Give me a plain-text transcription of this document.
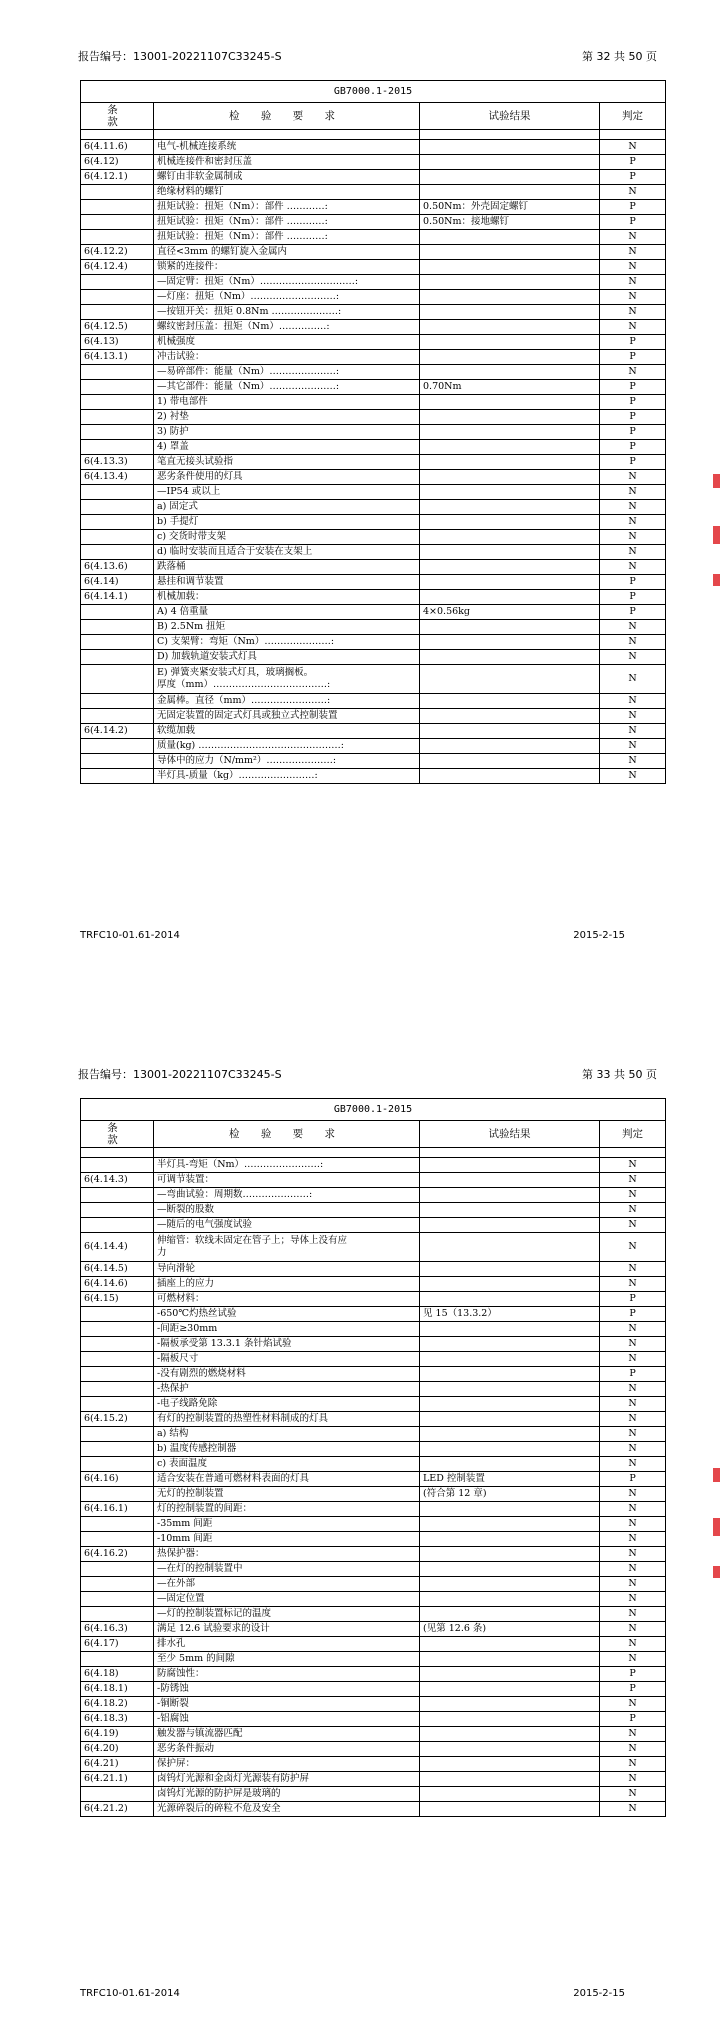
报告编号：13001-20221107C33245-S	第 32 共 50 页
GB7000.1-2015			
条　　款	检 验 要 求	试验结果	判定

6(4.11.6)	电气-机械连接系统		N
6(4.12)	机械连接件和密封压盖		P
6(4.12.1)	螺钉由非软金属制成		P
	绝缘材料的螺钉		N
	扭矩试验：扭矩（Nm）：部件 …………:	0.50Nm：外壳固定螺钉	P
	扭矩试验：扭矩（Nm）：部件 …………:	0.50Nm：接地螺钉	P
	扭矩试验：扭矩（Nm）：部件 …………:		N
6(4.12.2)	直径<3mm 的螺钉旋入金属内		N
6(4.12.4)	锁紧的连接件：		N
	—固定臂：扭矩（Nm）…………………………:		N
	—灯座：扭矩（Nm）………………………:		N
	—按钮开关：扭矩 0.8Nm …………………:		N
6(4.12.5)	螺纹密封压盖：扭矩（Nm）……………:		N
6(4.13)	机械强度		P
6(4.13.1)	冲击试验：		P
	—易碎部件：能量（Nm）…………………:		N
	—其它部件：能量（Nm）…………………:	0.70Nm	P
	1) 带电部件		P
	2) 衬垫		P
	3) 防护		P
	4) 罩盖		P
6(4.13.3)	笔直无接头试验指		P
6(4.13.4)	恶劣条件使用的灯具		N
	—IP54 或以上		N
	a) 固定式		N
	b) 手提灯		N
	c) 交货时带支架		N
	d) 临时安装而且适合于安装在支架上		N
6(4.13.6)	跌落桶		N
6(4.14)	悬挂和调节装置		P
6(4.14.1)	机械加载：		P
	A) 4 倍重量	4×0.56kg	P
	B) 2.5Nm 扭矩		N
	C) 支架臂：弯矩（Nm）…………………:		N
	D) 加载轨道安装式灯具		N
	E) 弹簧夹紧安装式灯具，玻璃搁板。
厚度（mm）………………………………:		N
	金属棒。直径（mm）……………………:		N
	无固定装置的固定式灯具或独立式控制装置		N
6(4.14.2)	软缆加载		N
	质量(kg) ………………………………………:		N
	导体中的应力（N/mm²）…………………:		N
	半灯具-质量（kg）……………………:		N
TRFC10-01.61-2014	2015-2-15
报告编号：13001-20221107C33245-S	第 33 共 50 页
GB7000.1-2015			
条　　款	检 验 要 求	试验结果	判定

	半灯具-弯矩（Nm）……………………:		N
6(4.14.3)	可调节装置：		N
	—弯曲试验：周期数…………………:		N
	—断裂的股数		N
	—随后的电气强度试验		N
6(4.14.4)	伸缩管：软线未固定在管子上；导体上没有应
力		N
6(4.14.5)	导向滑轮		N
6(4.14.6)	插座上的应力		N
6(4.15)	可燃材料：		P
	-650℃灼热丝试验	见 15（13.3.2）	P
	-间距≥30mm		N
	-隔板承受第 13.3.1 条针焰试验		N
	-隔板尺寸		N
	-没有剧烈的燃烧材料		P
	-热保护		N
	-电子线路免除		N
6(4.15.2)	有灯的控制装置的热塑性材料制成的灯具		N
	a) 结构		N
	b) 温度传感控制器		N
	c) 表面温度		N
6(4.16)	适合安装在普通可燃材料表面的灯具	LED 控制装置	P
	无灯的控制装置	(符合第 12 章)	N
6(4.16.1)	灯的控制装置的间距：		N
	-35mm 间距		N
	-10mm 间距		N
6(4.16.2)	热保护器：		N
	—在灯的控制装置中		N
	—在外部		N
	—固定位置		N
	—灯的控制装置标记的温度		N
6(4.16.3)	满足 12.6 试验要求的设计	(见第 12.6 条)	N
6(4.17)	排水孔		N
	至少 5mm 的间隙		N
6(4.18)	防腐蚀性：		P
6(4.18.1)	-防锈蚀		P
6(4.18.2)	-铜断裂		N
6(4.18.3)	-铝腐蚀		P
6(4.19)	触发器与镇流器匹配		N
6(4.20)	恶劣条件振动		N
6(4.21)	保护屏：		N
6(4.21.1)	卤钨灯光源和金卤灯光源装有防护屏		N
	卤钨灯光源的防护屏是玻璃的		N
6(4.21.2)	光源碎裂后的碎粒不危及安全		N
TRFC10-01.61-2014	2015-2-15
